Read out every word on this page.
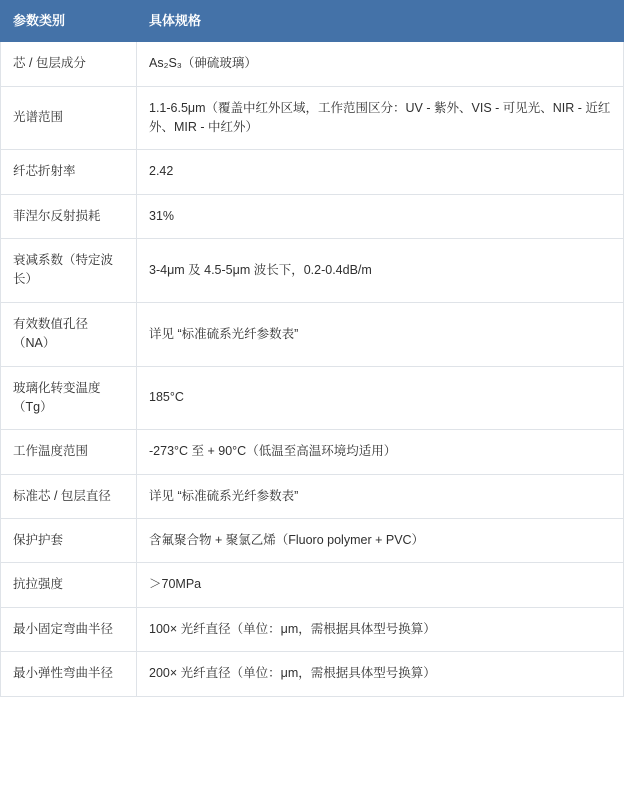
参数类别	具体规格
芯 / 包层成分	As₂S₃（砷硫玻璃）
光谱范围	1.1-6.5μm（覆盖中红外区域，工作范围区分：UV - 紫外、VIS - 可见光、NIR - 近红外、MIR - 中红外）
纤芯折射率	2.42
菲涅尔反射损耗	31%
衰减系数（特定波长）	3-4μm 及 4.5-5μm 波长下，0.2-0.4dB/m
有效数值孔径（NA）	详见 “标准硫系光纤参数表”
玻璃化转变温度（Tg）	185°C
工作温度范围	-273°C 至 + 90°C（低温至高温环境均适用）
标准芯 / 包层直径	详见 “标准硫系光纤参数表”
保护护套	含氟聚合物 + 聚氯乙烯（Fluoro polymer + PVC）
抗拉强度	＞70MPa
最小固定弯曲半径	100× 光纤直径（单位：μm，需根据具体型号换算）
最小弹性弯曲半径	200× 光纤直径（单位：μm，需根据具体型号换算）
